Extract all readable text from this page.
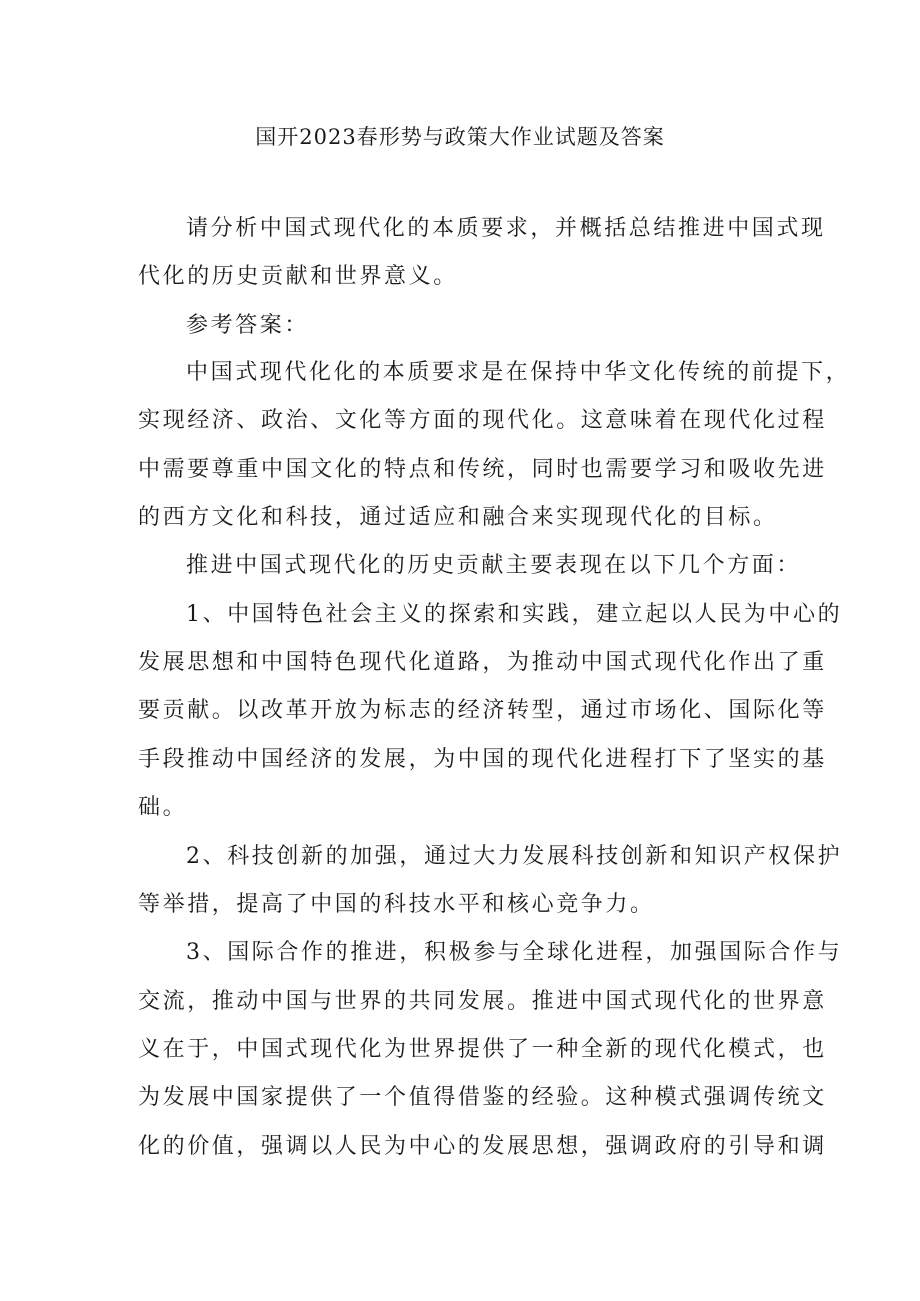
国开2023春形势与政策大作业试题及答案
请分析中国式现代化的本质要求，并概括总结推进中国式现
代化的历史贡献和世界意义。
参考答案：
中国式现代化化的本质要求是在保持中华文化传统的前提下，
实现经济、政治、文化等方面的现代化。这意味着在现代化过程
中需要尊重中国文化的特点和传统，同时也需要学习和吸收先进
的西方文化和科技，通过适应和融合来实现现代化的目标。
推进中国式现代化的历史贡献主要表现在以下几个方面：
1、中国特色社会主义的探索和实践，建立起以人民为中心的
发展思想和中国特色现代化道路，为推动中国式现代化作出了重
要贡献。以改革开放为标志的经济转型，通过市场化、国际化等
手段推动中国经济的发展，为中国的现代化进程打下了坚实的基
础。
2、科技创新的加强，通过大力发展科技创新和知识产权保护
等举措，提高了中国的科技水平和核心竞争力。
3、国际合作的推进，积极参与全球化进程，加强国际合作与
交流，推动中国与世界的共同发展。推进中国式现代化的世界意
义在于，中国式现代化为世界提供了一种全新的现代化模式，也
为发展中国家提供了一个值得借鉴的经验。这种模式强调传统文
化的价值，强调以人民为中心的发展思想，强调政府的引导和调
